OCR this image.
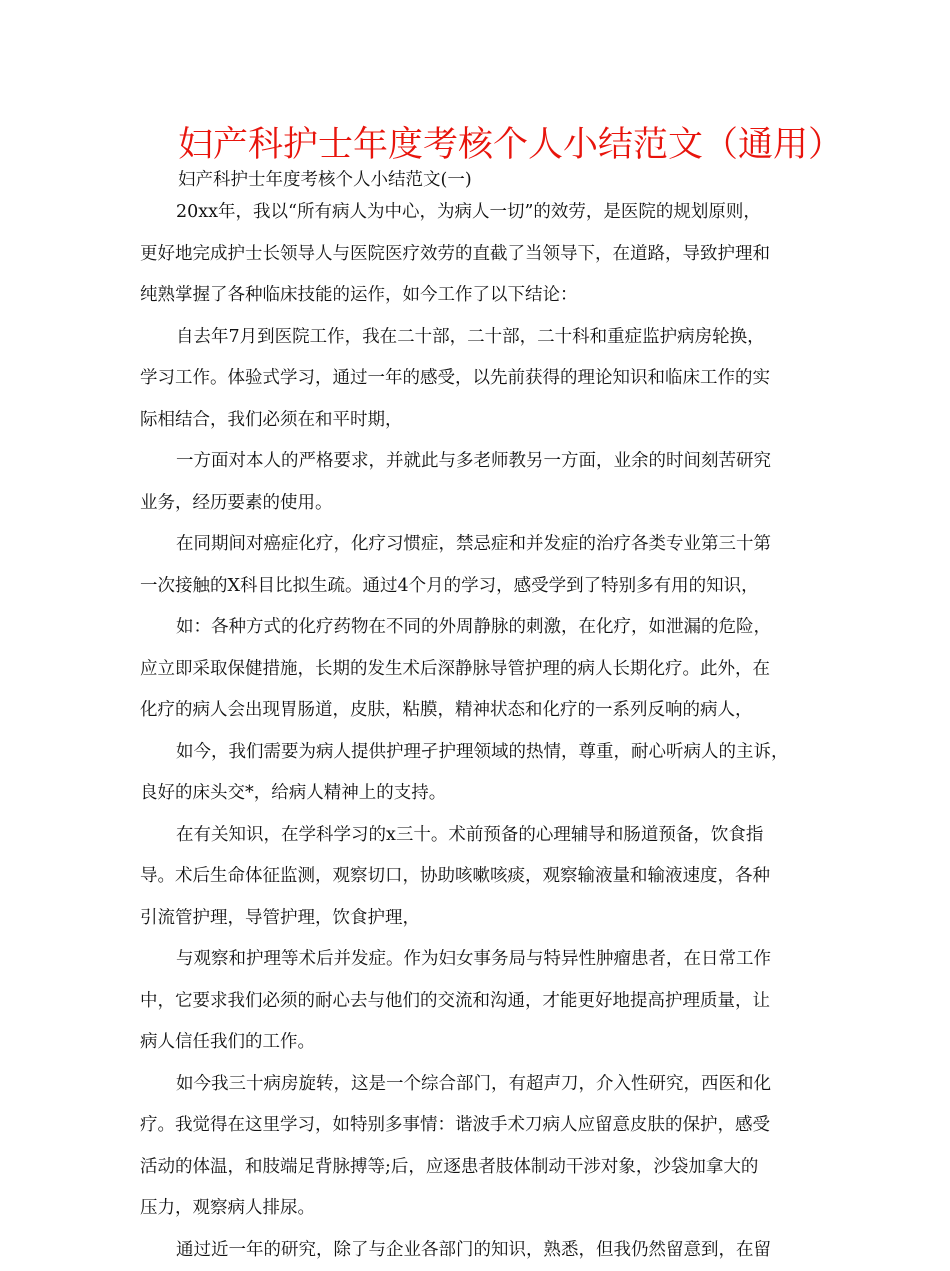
妇产科护士年度考核个人小结范文（通用）
妇产科护士年度考核个人小结范文(一)
20xx年，我以“所有病人为中心，为病人一切”的效劳，是医院的规划原则，
更好地完成护士长领导人与医院医疗效劳的直截了当领导下，在道路，导致护理和
纯熟掌握了各种临床技能的运作，如今工作了以下结论：
自去年7月到医院工作，我在二十部，二十部，二十科和重症监护病房轮换，
学习工作。体验式学习，通过一年的感受，以先前获得的理论知识和临床工作的实
际相结合，我们必须在和平时期，
一方面对本人的严格要求，并就此与多老师教另一方面，业余的时间刻苦研究
业务，经历要素的使用。
在同期间对癌症化疗，化疗习惯症，禁忌症和并发症的治疗各类专业第三十第
一次接触的X科目比拟生疏。通过4个月的学习，感受学到了特别多有用的知识，
如：各种方式的化疗药物在不同的外周静脉的刺激，在化疗，如泄漏的危险，
应立即采取保健措施，长期的发生术后深静脉导管护理的病人长期化疗。此外，在
化疗的病人会出现胃肠道，皮肤，粘膜，精神状态和化疗的一系列反响的病人，
如今，我们需要为病人提供护理孑护理领域的热情，尊重，耐心听病人的主诉，
良好的床头交*，给病人精神上的支持。
在有关知识，在学科学习的x三十。术前预备的心理辅导和肠道预备，饮食指
导。术后生命体征监测，观察切口，协助咳嗽咳痰，观察输液量和输液速度，各种
引流管护理，导管护理，饮食护理，
与观察和护理等术后并发症。作为妇女事务局与特异性肿瘤患者，在日常工作
中，它要求我们必须的耐心去与他们的交流和沟通，才能更好地提高护理质量，让
病人信任我们的工作。
如今我三十病房旋转，这是一个综合部门，有超声刀，介入性研究，西医和化
疗。我觉得在这里学习，如特别多事情：谐波手术刀病人应留意皮肤的保护，感受
活动的体温，和肢端足背脉搏等;后，应逐患者肢体制动干涉对象，沙袋加拿大的
压力，观察病人排尿。
通过近一年的研究，除了与企业各部门的知识，熟悉，但我仍然留意到，在留
